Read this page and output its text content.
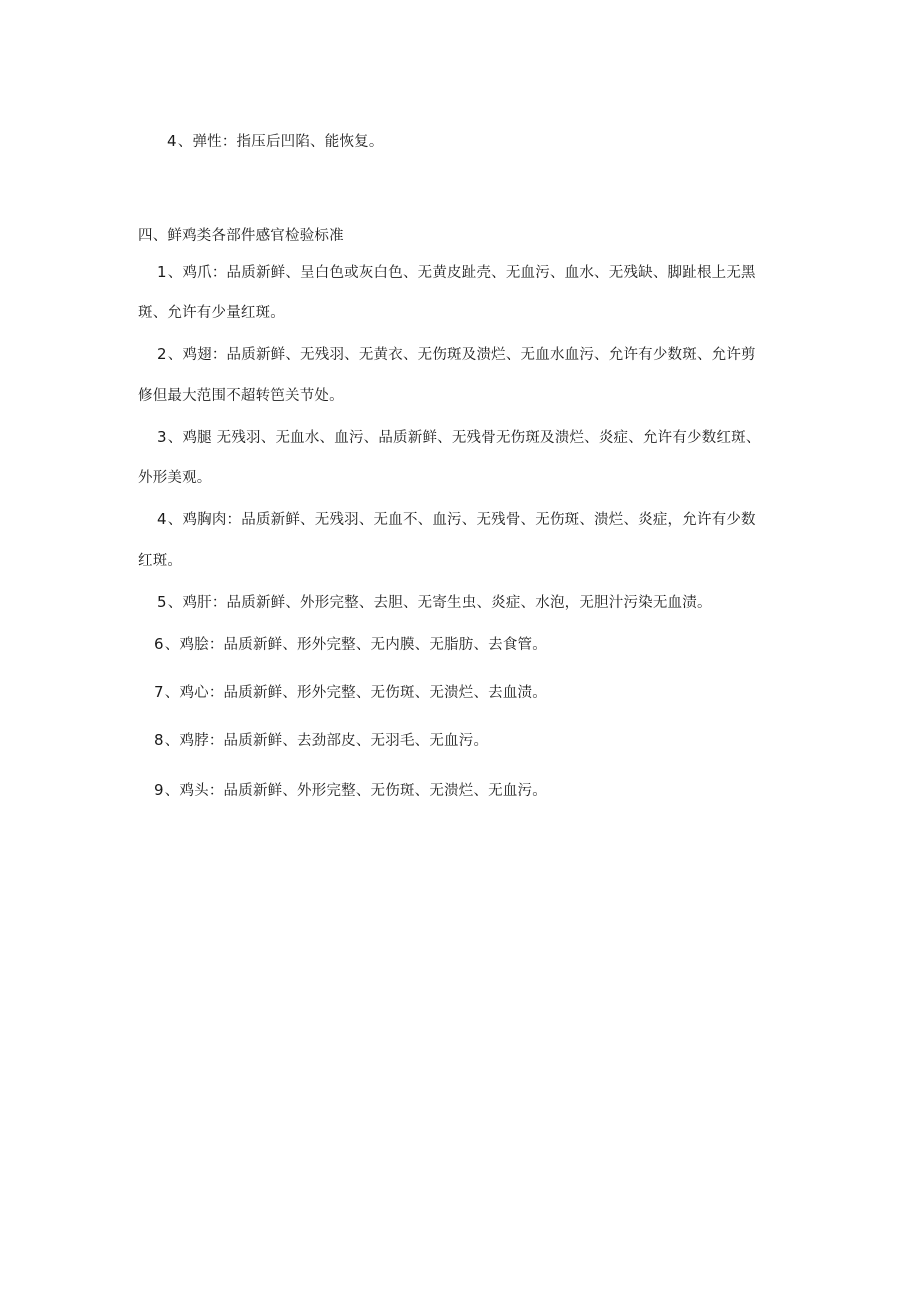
4、弹性：指压后凹陷、能恢复。
四、鲜鸡类各部件感官检验标准
1、鸡爪：品质新鲜、呈白色或灰白色、无黄皮趾壳、无血污、血水、无残缺、脚趾根上无黑
斑、允许有少量红斑。
2、鸡翅：品质新鲜、无残羽、无黄衣、无伤斑及溃烂、无血水血污、允许有少数斑、允许剪
修但最大范围不超转笆关节处。
3、鸡腿 无残羽、无血水、血污、品质新鲜、无残骨无伤斑及溃烂、炎症、允许有少数红斑、
外形美观。
4、鸡胸肉：品质新鲜、无残羽、无血不、血污、无残骨、无伤斑、溃烂、炎症，允许有少数
红斑。
5、鸡肝：品质新鲜、外形完整、去胆、无寄生虫、炎症、水泡，无胆汁污染无血渍。
6、鸡脍：品质新鲜、形外完整、无内膜、无脂肪、去食管。
7、鸡心：品质新鲜、形外完整、无伤斑、无溃烂、去血渍。
8、鸡脖：品质新鲜、去劲部皮、无羽毛、无血污。
9、鸡头：品质新鲜、外形完整、无伤斑、无溃烂、无血污。
